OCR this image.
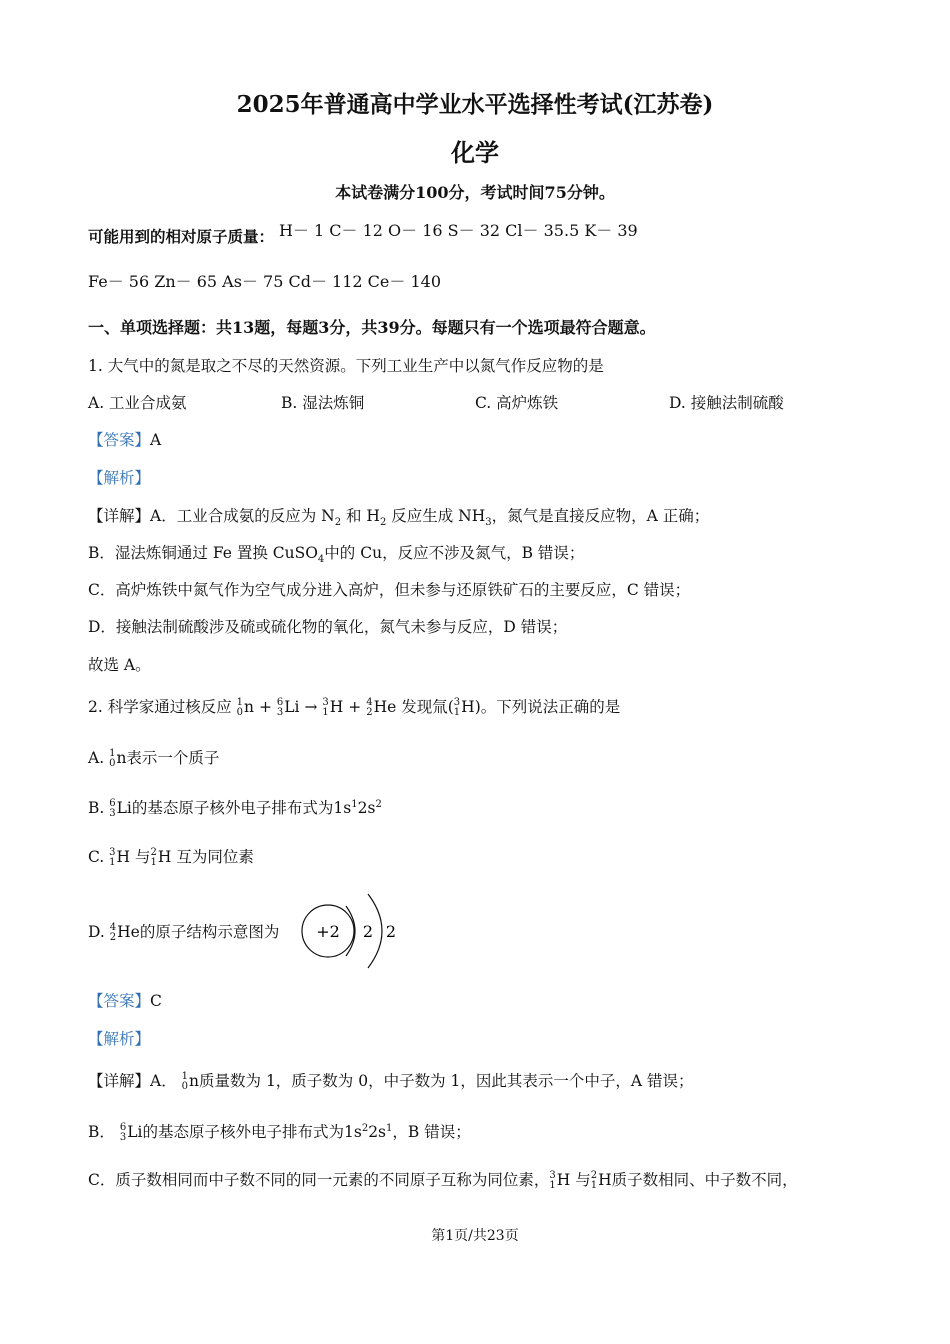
2025年普通高中学业水平选择性考试(江苏卷)
化学
本试卷满分100分，考试时间75分钟。
可能用到的相对原子质量： H－ 1 C－ 12 O－ 16 S－ 32 Cl－ 35.5 K－ 39
Fe－ 56 Zn－ 65 As－ 75 Cd－ 112 Ce－ 140
一、单项选择题：共13题，每题3分，共39分。每题只有一个选项最符合题意。
1. 大气中的氮是取之不尽的天然资源。下列工业生产中以氮气作反应物的是
A. 工业合成氨	B. 湿法炼铜	C. 高炉炼铁	D. 接触法制硫酸
【答案】A
【解析】
【详解】A．工业合成氨的反应为 $N_2$ 和 $H_2$ 反应生成 $NH_3$，氮气是直接反应物，A 正确；
B．湿法炼铜通过 Fe 置换 CuSO$_4$中的 Cu，反应不涉及氮气，B 错误；
C．高炉炼铁中氮气作为空气成分进入高炉，但未参与还原铁矿石的主要反应，C 错误；
D．接触法制硫酸涉及硫或硫化物的氧化，氮气未参与反应，D 错误；
故选 A。
2. 科学家通过核反应 1
0 n + 6
3 Li → 3
1 H + 4
2 He 发现氚( 3
1 H)。下列说法正确的是
A. 1
0 n表示一个质子
B. 6
3 Li的基态原子核外电子排布式为$1s^12s^2$
C. 3
1 H 与 2
1 H 互为同位素
D. 4
2 He的原子结构示意图为 +2 2 2
【答案】C
【解析】
【详解】A． 1
0 n质量数为 1，质子数为 0，中子数为 1，因此其表示一个中子，A 错误；
B． 6
3 Li的基态原子核外电子排布式为$1s^22s^1$，B 错误；
C．质子数相同而中子数不同的同一元素的不同原子互称为同位素， 3
1 H 与 2
1 H质子数相同、中子数不同，
第1页/共23页
